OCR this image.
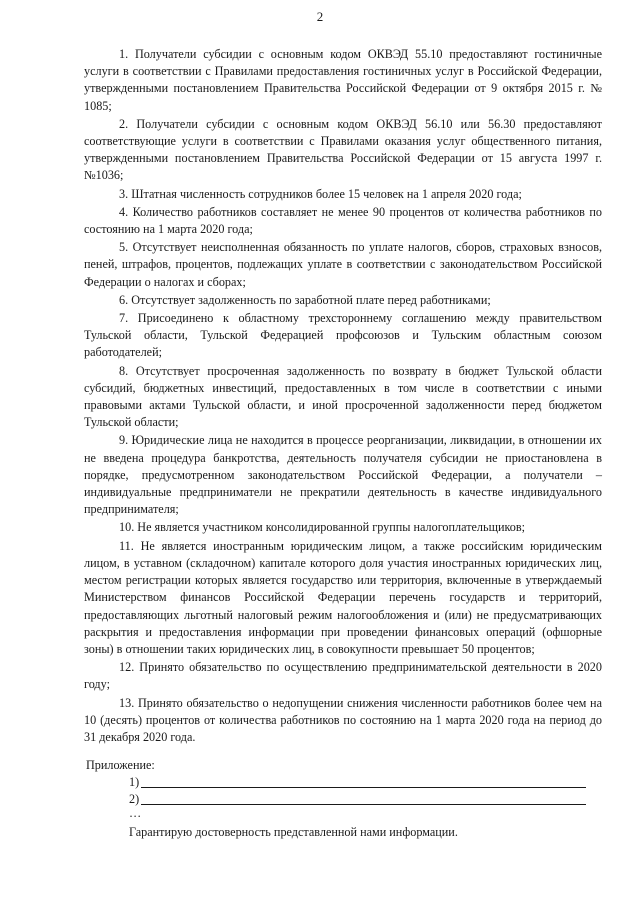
2

1. Получатели субсидии с основным кодом ОКВЭД 55.10 предоставляют гостиничные услуги в соответствии с Правилами предоставления гостиничных услуг в Российской Федерации, утвержденными постановлением Правительства Российской Федерации от 9 октября 2015 г. № 1085;

2. Получатели субсидии с основным кодом ОКВЭД 56.10 или 56.30 предоставляют соответствующие услуги в соответствии с Правилами оказания услуг общественного питания, утвержденными постановлением Правительства Российской Федерации от 15 августа 1997 г. №1036;

3. Штатная численность сотрудников более 15 человек на 1 апреля 2020 года;

4. Количество работников составляет не менее 90 процентов от количества работников по состоянию на 1 марта 2020 года;

5. Отсутствует неисполненная обязанность по уплате налогов, сборов, страховых взносов, пеней, штрафов, процентов, подлежащих уплате в соответствии с законодательством Российской Федерации о налогах и сборах;

6. Отсутствует задолженность по заработной плате перед работниками;

7. Присоединено к областному трехстороннему соглашению между правительством Тульской области, Тульской Федерацией профсоюзов и Тульским областным союзом работодателей;

8. Отсутствует просроченная задолженность по возврату в бюджет Тульской области субсидий, бюджетных инвестиций, предоставленных в том числе в соответствии с иными правовыми актами Тульской области, и иной просроченной задолженности перед бюджетом Тульской области;

9. Юридические лица не находится в процессе реорганизации, ликвидации, в отношении их не введена процедура банкротства, деятельность получателя субсидии не приостановлена в порядке, предусмотренном законодательством Российской Федерации, а получатели – индивидуальные предприниматели не прекратили деятельность в качестве индивидуального предпринимателя;

10. Не является участником консолидированной группы налогоплательщиков;

11. Не является иностранным юридическим лицом, а также российским юридическим лицом, в уставном (складочном) капитале которого доля участия иностранных юридических лиц, местом регистрации которых является государство или территория, включенные в утверждаемый Министерством финансов Российской Федерации перечень государств и территорий, предоставляющих льготный налоговый режим налогообложения и (или) не предусматривающих раскрытия и предоставления информации при проведении финансовых операций (офшорные зоны) в отношении таких юридических лиц, в совокупности превышает 50 процентов;

12. Принято обязательство по осуществлению предпринимательской деятельности в 2020 году;

13. Принято обязательство о недопущении снижения численности работников более чем на 10 (десять) процентов от количества работников по состоянию на 1 марта 2020 года на период до 31 декабря 2020 года.

Приложение:

1)
2)
…

Гарантирую достоверность представленной нами информации.
